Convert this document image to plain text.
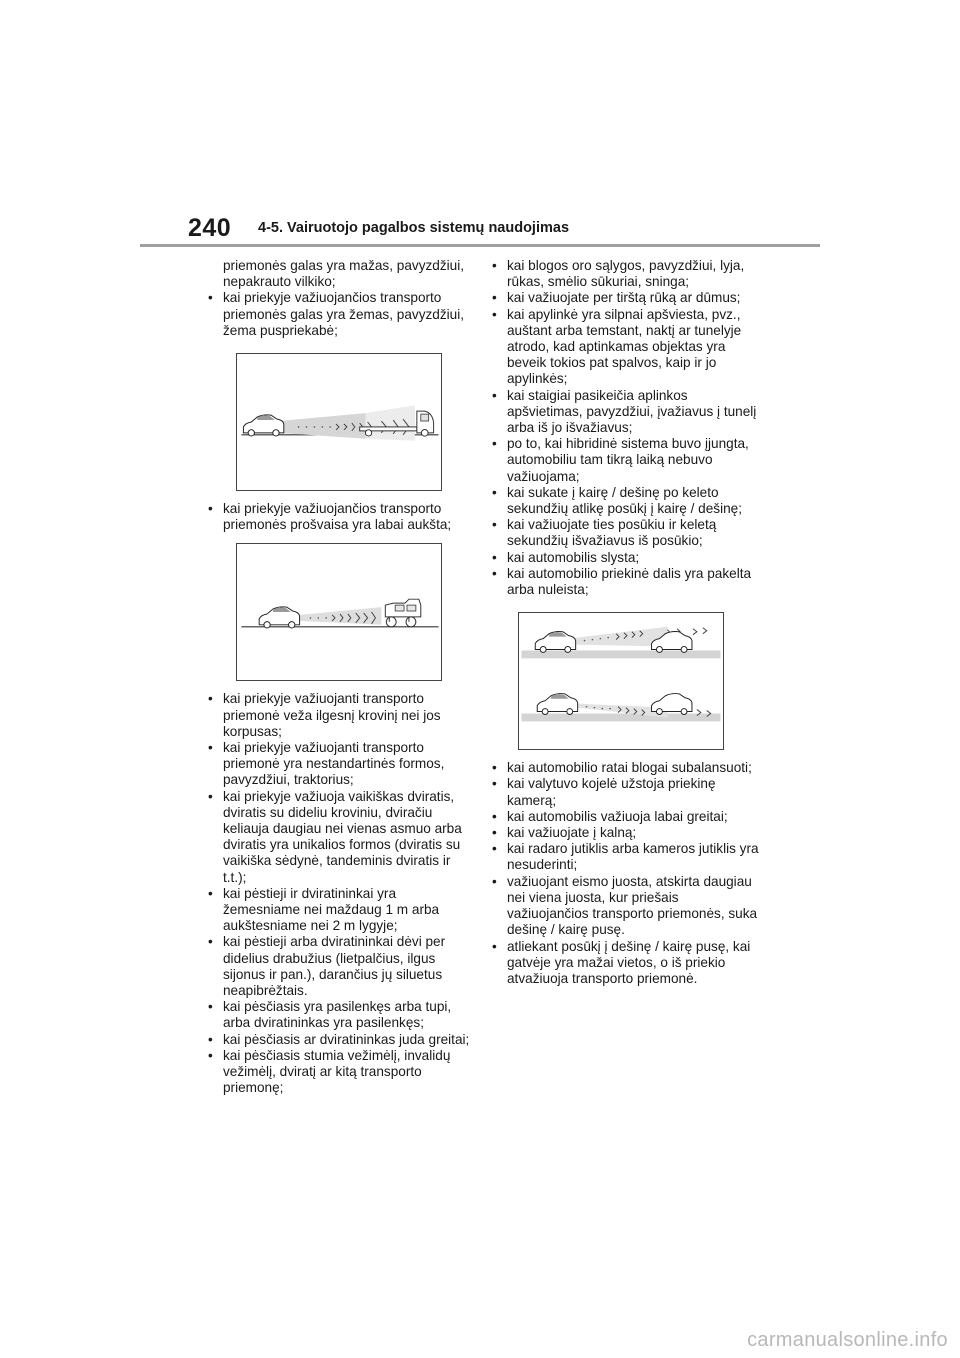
240 4-5. Vairuotojo pagalbos sistemų naudojimas
priemonės galas yra mažas, pavyzdžiui, nepakrauto vilkiko;
• kai priekyje važiuojančios transporto priemonės galas yra žemas, pavyzdžiui, žema puspriekabė;
• kai priekyje važiuojančios transporto priemonės prošvaisa yra labai aukšta;
• kai priekyje važiuojanti transporto priemonė veža ilgesnį krovinį nei jos korpusas;
• kai priekyje važiuojanti transporto priemonė yra nestandartinės formos, pavyzdžiui, traktorius;
• kai priekyje važiuoja vaikiškas dviratis, dviratis su dideliu kroviniu, dviračiu keliauja daugiau nei vienas asmuo arba dviratis yra unikalios formos (dviratis su vaikiška sėdynė, tandeminis dviratis ir t.t.);
• kai pėstieji ir dviratininkai yra žemesniame nei maždaug 1 m arba aukštesniame nei 2 m lygyje;
• kai pėstieji arba dviratininkai dėvi per didelius drabužius (lietpalčius, ilgus sijonus ir pan.), darančius jų siluetus neapibrėžtais.
• kai pėsčiasis yra pasilenkęs arba tupi, arba dviratininkas yra pasilenkęs;
• kai pėsčiasis ar dviratininkas juda greitai;
• kai pėsčiasis stumia vežimėlį, invalidų vežimėlį, dviratį ar kitą transporto priemonę;
• kai blogos oro sąlygos, pavyzdžiui, lyja, rūkas, smėlio sūkuriai, sninga;
• kai važiuojate per tirštą rūką ar dūmus;
• kai apylinkė yra silpnai apšviesta, pvz., auštant arba temstant, naktį ar tunelyje atrodo, kad aptinkamas objektas yra beveik tokios pat spalvos, kaip ir jo apylinkės;
• kai staigiai pasikeičia aplinkos apšvietimas, pavyzdžiui, įvažiavus į tunelį arba iš jo išvažiavus;
• po to, kai hibridinė sistema buvo įjungta, automobiliu tam tikrą laiką nebuvo važiuojama;
• kai sukate į kairę / dešinę po keleto sekundžių atlikę posūkį į kairę / dešinę;
• kai važiuojate ties posūkiu ir keletą sekundžių išvažiavus iš posūkio;
• kai automobilis slysta;
• kai automobilio priekinė dalis yra pakelta arba nuleista;
• kai automobilio ratai blogai subalansuoti;
• kai valytuvo kojelė užstoja priekinę kamerą;
• kai automobilis važiuoja labai greitai;
• kai važiuojate į kalną;
• kai radaro jutiklis arba kameros jutiklis yra nesuderinti;
• važiuojant eismo juosta, atskirta daugiau nei viena juosta, kur priešais važiuojančios transporto priemonės, suka dešinę / kairę pusę.
• atliekant posūkį į dešinę / kairę pusę, kai gatvėje yra mažai vietos, o iš priekio atvažiuoja transporto priemonė.
carmanualsonline.info
